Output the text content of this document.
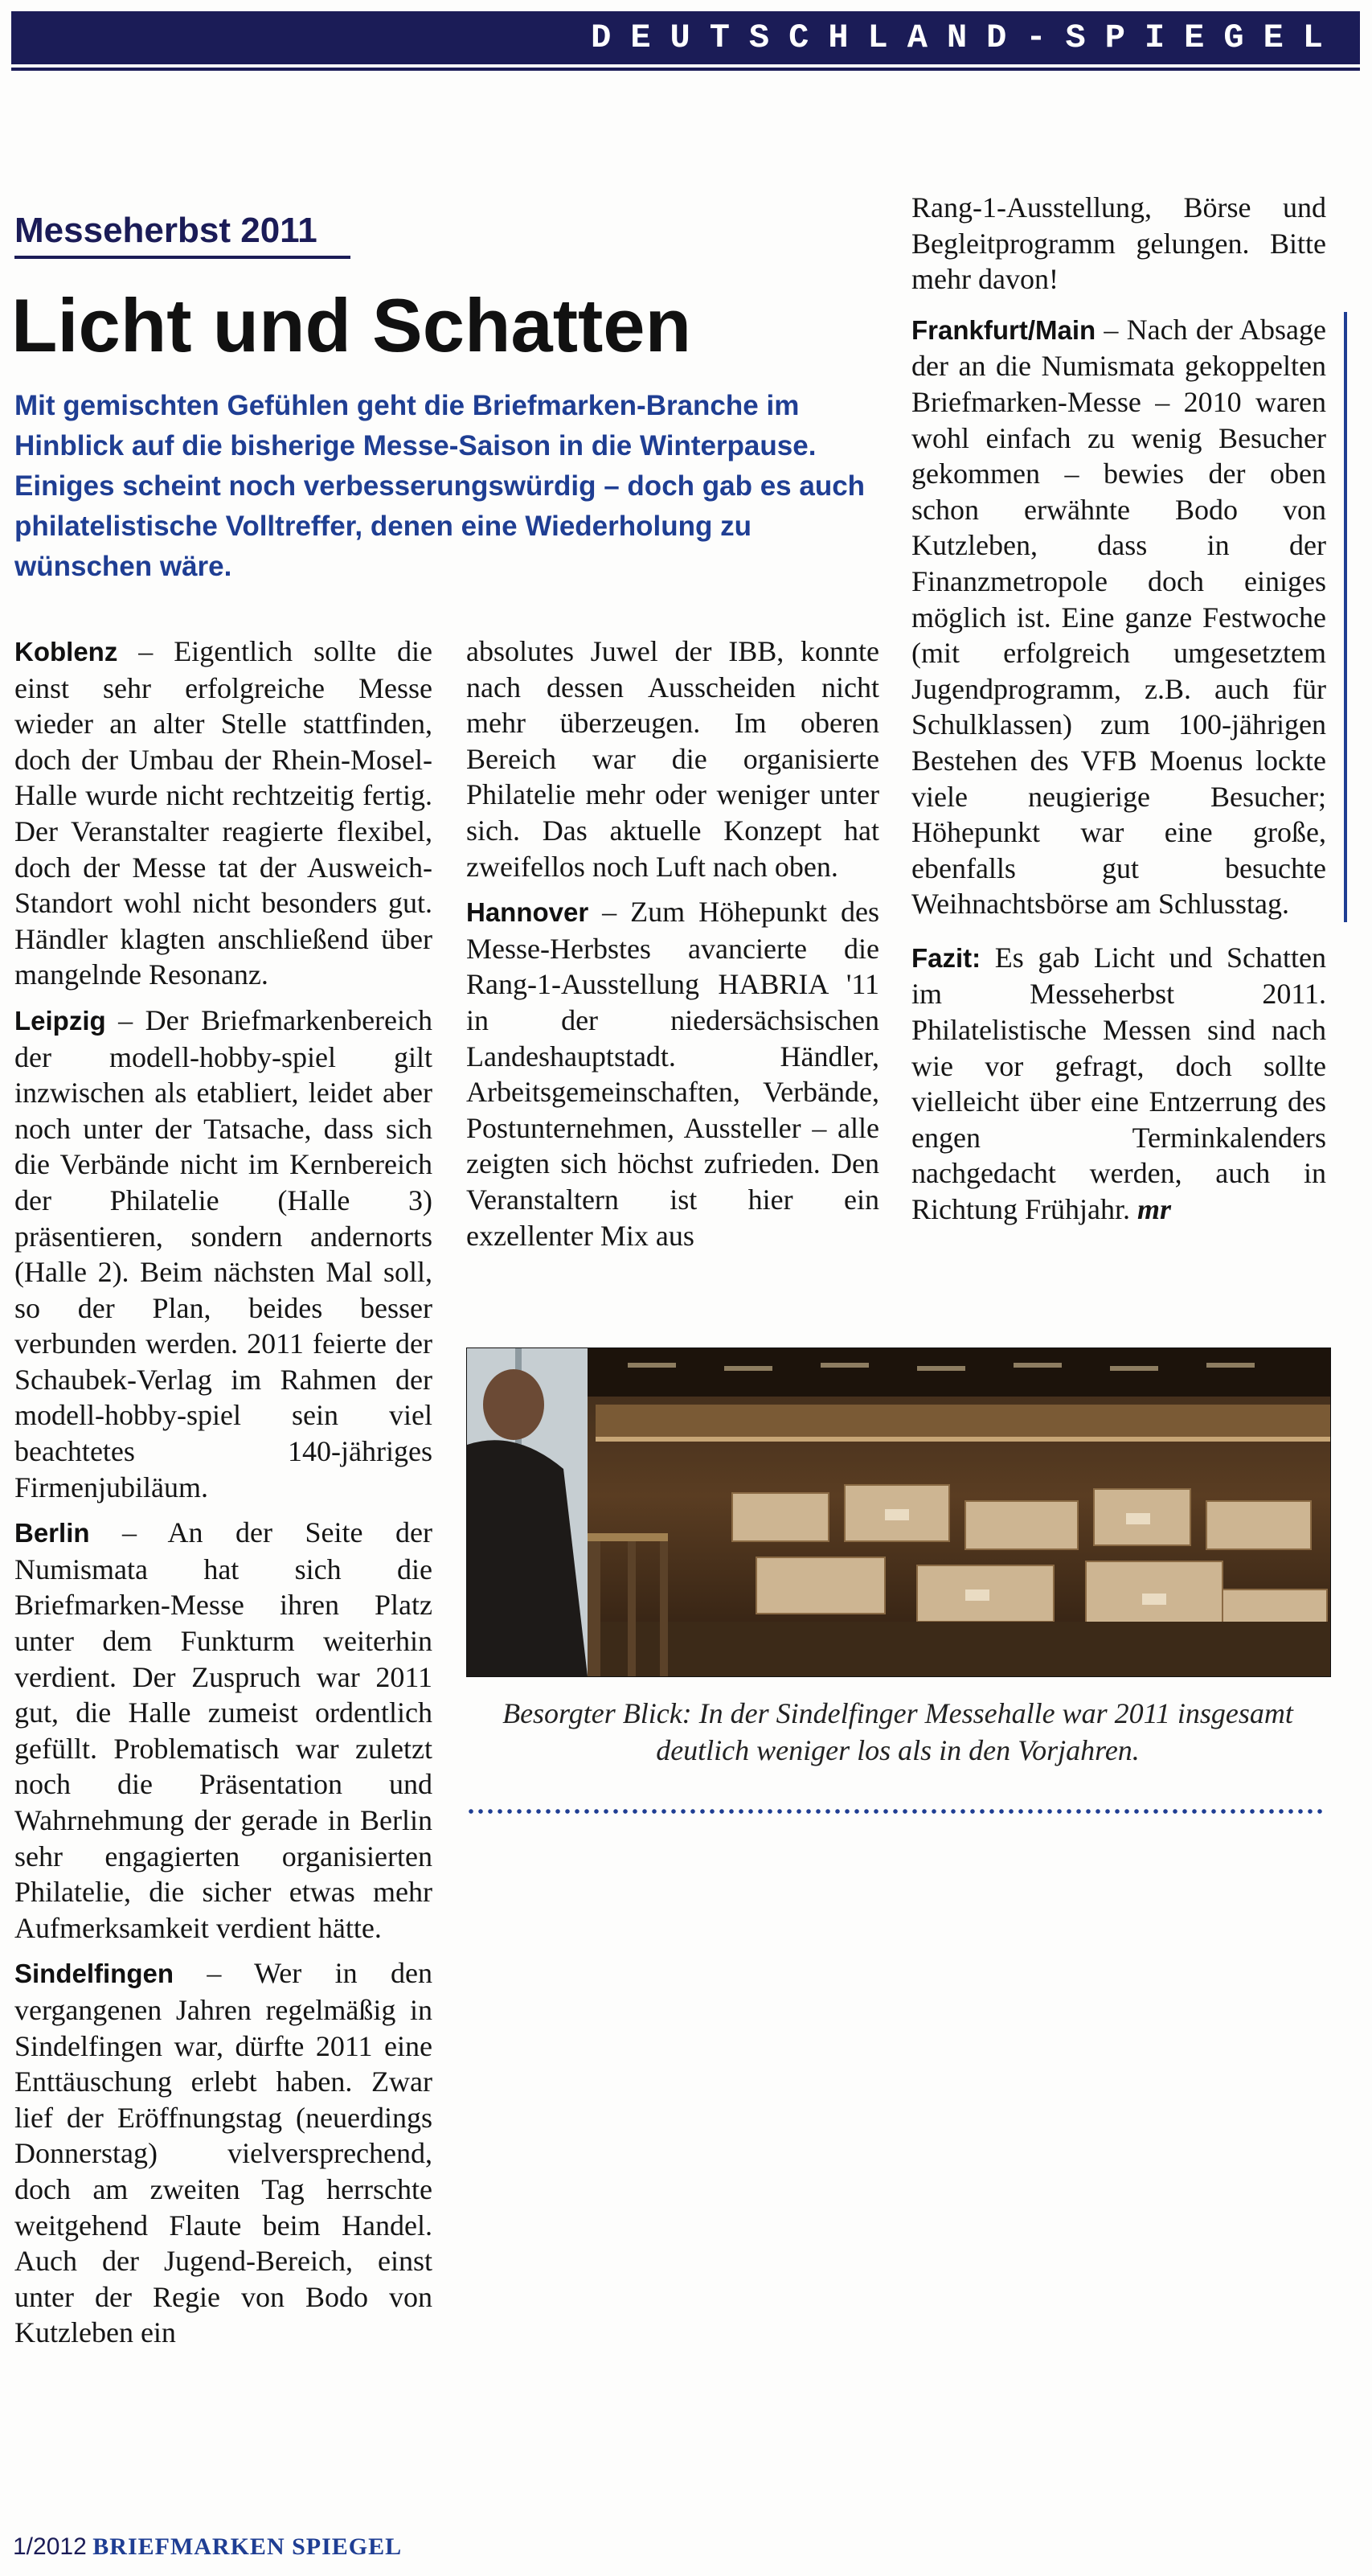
DEUTSCHLAND-SPIEGEL
Messeherbst 2011
Licht und Schatten
Mit gemischten Gefühlen geht die Briefmarken-Branche im Hinblick auf die bisherige Messe-Saison in die Winterpause. Einiges scheint noch verbesserungswürdig – doch gab es auch philatelistische Volltreffer, denen eine Wiederholung zu wünschen wäre.

Koblenz – Eigentlich sollte die einst sehr erfolgreiche Messe wieder an alter Stelle stattfinden, doch der Umbau der Rhein-Mosel-Halle wurde nicht rechtzeitig fertig. Der Veranstalter reagierte flexibel, doch der Messe tat der Ausweich-Standort wohl nicht besonders gut. Händler klagten anschließend über mangelnde Resonanz.

Leipzig – Der Briefmarkenbereich der modell-hobby-spiel gilt inzwischen als etabliert, leidet aber noch unter der Tatsache, dass sich die Verbände nicht im Kernbereich der Philatelie (Halle 3) präsentieren, sondern andernorts (Halle 2). Beim nächsten Mal soll, so der Plan, beides besser verbunden werden. 2011 feierte der Schaubek-Verlag im Rahmen der modell-hobby-spiel sein viel beachtetes 140-jähriges Firmenjubiläum.

Berlin – An der Seite der Numismata hat sich die Briefmarken-Messe ihren Platz unter dem Funkturm weiterhin verdient. Der Zuspruch war 2011 gut, die Halle zumeist ordentlich gefüllt. Problematisch war zuletzt noch die Präsentation und Wahrnehmung der gerade in Berlin sehr engagierten organisierten Philatelie, die sicher etwas mehr Aufmerksamkeit verdient hätte.

Sindelfingen – Wer in den vergangenen Jahren regelmäßig in Sindelfingen war, dürfte 2011 eine Enttäuschung erlebt haben. Zwar lief der Eröffnungstag (neuerdings Donnerstag) vielversprechend, doch am zweiten Tag herrschte weitgehend Flaute beim Handel. Auch der Jugend-Bereich, einst unter der Regie von Bodo von Kutzleben ein

absolutes Juwel der IBB, konnte nach dessen Ausscheiden nicht mehr überzeugen. Im oberen Bereich war die organisierte Philatelie mehr oder weniger unter sich. Das aktuelle Konzept hat zweifellos noch Luft nach oben.

Hannover – Zum Höhepunkt des Messe-Herbstes avancierte die Rang-1-Ausstellung HABRIA '11 in der niedersächsischen Landeshauptstadt. Händler, Arbeitsgemeinschaften, Verbände, Postunternehmen, Aussteller – alle zeigten sich höchst zufrieden. Den Veranstaltern ist hier ein exzellenter Mix aus

Rang-1-Ausstellung, Börse und Begleitprogramm gelungen. Bitte mehr davon!

Frankfurt/Main – Nach der Absage der an die Numismata gekoppelten Briefmarken-Messe – 2010 waren wohl einfach zu wenig Besucher gekommen – bewies der oben schon erwähnte Bodo von Kutzleben, dass in der Finanzmetropole doch einiges möglich ist. Eine ganze Festwoche (mit erfolgreich umgesetztem Jugendprogramm, z.B. auch für Schulklassen) zum 100-jährigen Bestehen des VFB Moenus lockte viele neugierige Besucher; Höhepunkt war eine große, ebenfalls gut besuchte Weihnachtsbörse am Schlusstag.

Fazit: Es gab Licht und Schatten im Messeherbst 2011. Philatelistische Messen sind nach wie vor gefragt, doch sollte vielleicht über eine Entzerrung des engen Terminkalenders nachgedacht werden, auch in Richtung Frühjahr. mr

Besorgter Blick: In der Sindelfinger Messehalle war 2011 insgesamt deutlich weniger los als in den Vorjahren.
1/2012 BRIEFMARKEN SPIEGEL
